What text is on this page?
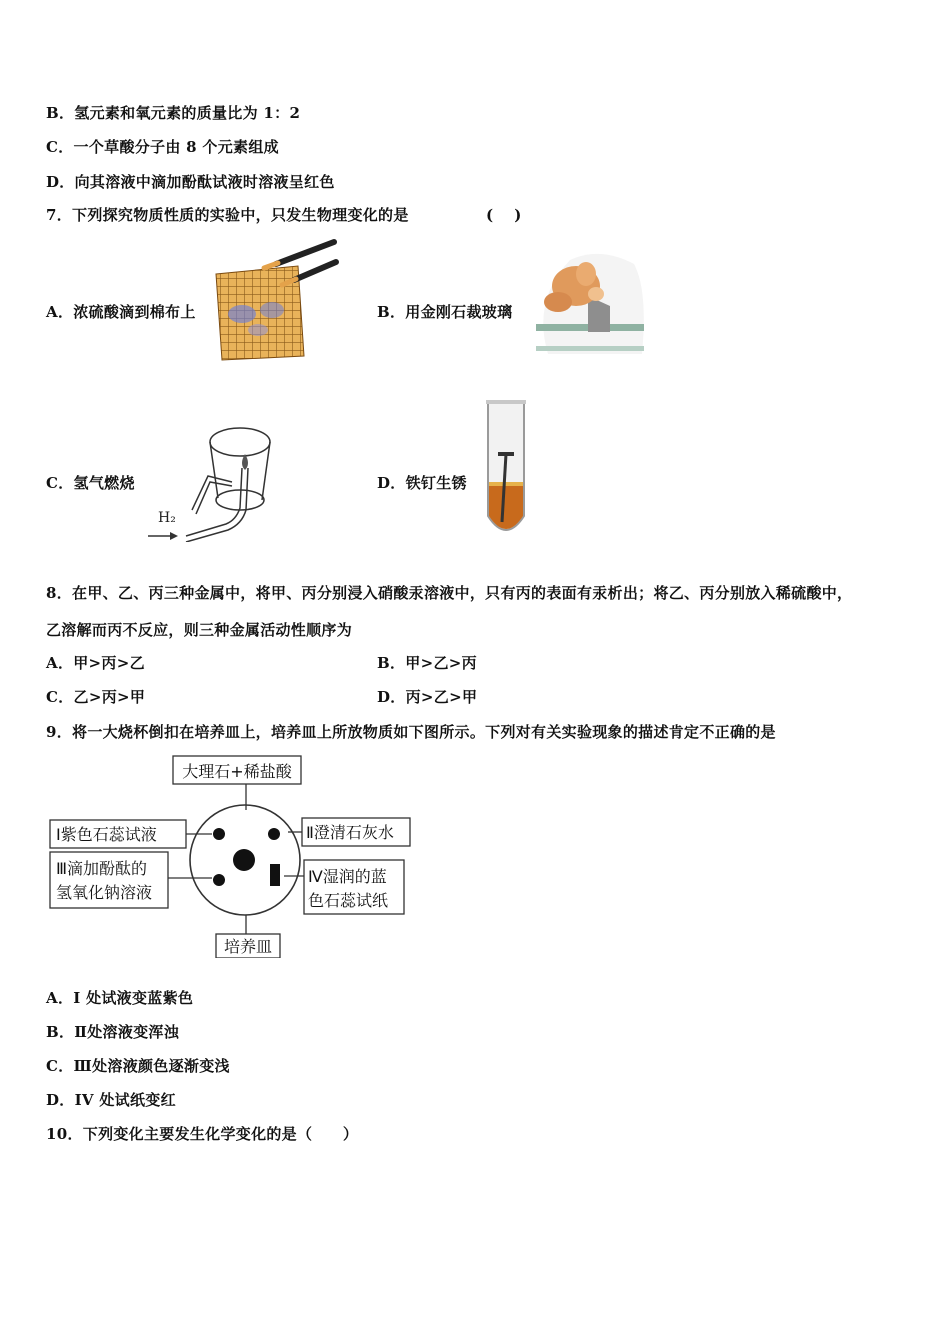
B．氢元素和氧元素的质量比为 1：2
C．一个草酸分子由 8 个元素组成
D．向其溶液中滴加酚酞试液时溶液呈红色
7．下列探究物质性质的实验中，只发生物理变化的是	(　 )
A．浓硫酸滴到棉布上	B．用金刚石裁玻璃
C．氢气燃烧
H₂
D．铁钉生锈
8．在甲、乙、丙三种金属中，将甲、丙分别浸入硝酸汞溶液中，只有丙的表面有汞析出；将乙、丙分别放入稀硫酸中，
乙溶解而丙不反应，则三种金属活动性顺序为
A．甲>丙>乙	B．甲>乙>丙
C．乙>丙>甲	D．丙>乙>甲
9．将一大烧杯倒扣在培养皿上，培养皿上所放物质如下图所示。下列对有关实验现象的描述肯定不正确的是
大理石+稀盐酸
Ⅰ紫色石蕊试液	Ⅱ澄清石灰水
Ⅲ滴加酚酞的
氢氧化钠溶液
Ⅳ湿润的蓝
色石蕊试纸
培养皿
A．I 处试液变蓝紫色
B．Ⅱ处溶液变浑浊
C．Ⅲ处溶液颜色逐渐变浅
D．IV 处试纸变红
10．下列变化主要发生化学变化的是（　　）
